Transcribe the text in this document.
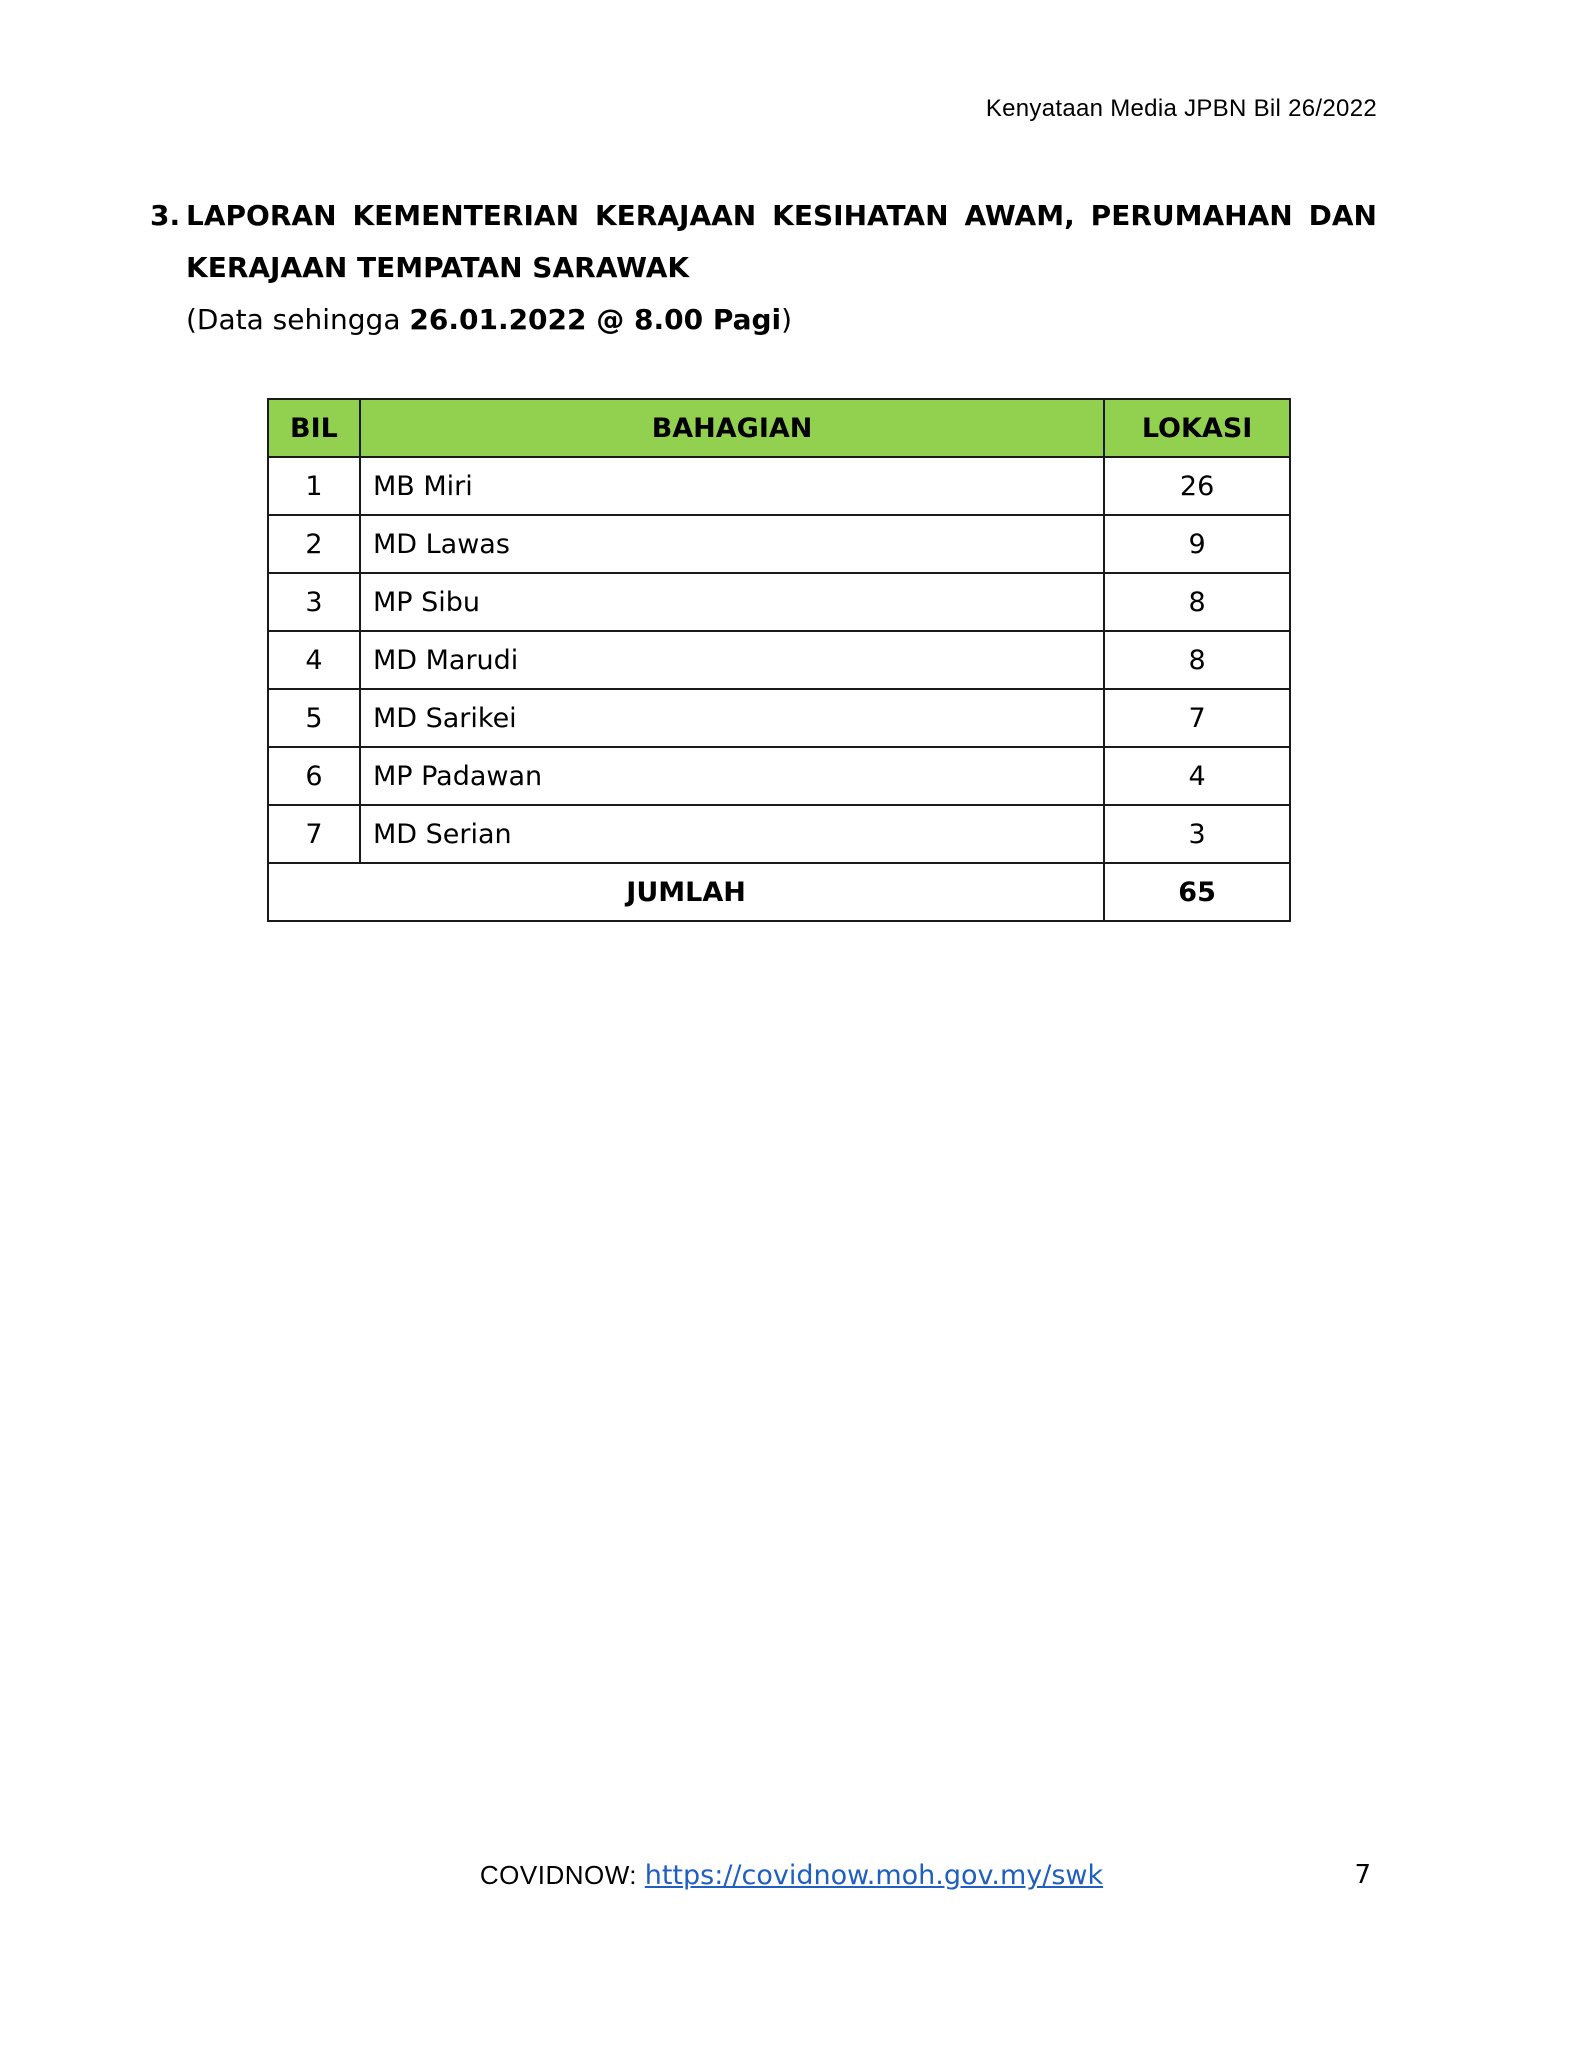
Kenyataan Media JPBN Bil 26/2022
3. LAPORAN KEMENTERIAN KERAJAAN KESIHATAN AWAM, PERUMAHAN DAN
KERAJAAN TEMPATAN SARAWAK
(Data sehingga 26.01.2022 @ 8.00 Pagi)
BIL	BAHAGIAN	LOKASI
1	MB Miri	26
2	MD Lawas	9
3	MP Sibu	8
4	MD Marudi	8
5	MD Sarikei	7
6	MP Padawan	4
7	MD Serian	3
JUMLAH		65
COVIDNOW: https://covidnow.moh.gov.my/swk	7
